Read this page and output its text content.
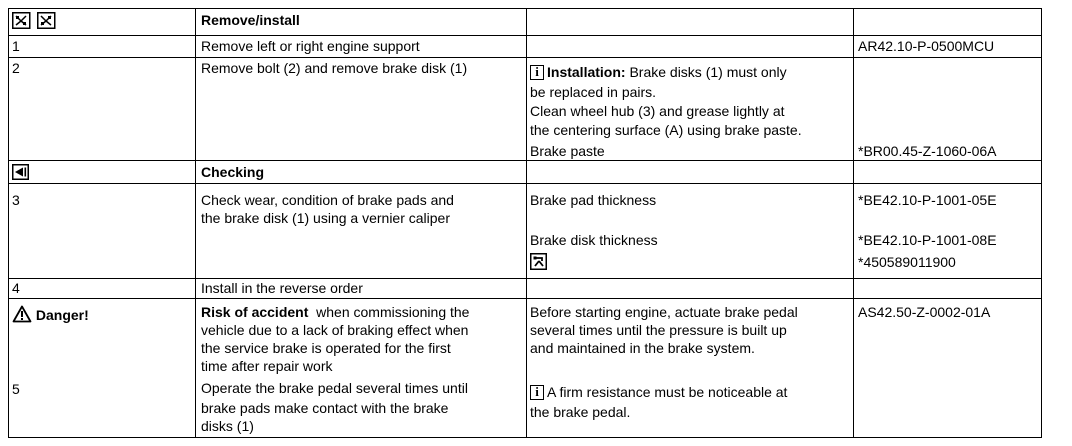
Remove/install
1	Remove left or right engine support	AR42.10-P-0500MCU
2	Remove bolt (2) and remove brake disk (1)
i	Installation: Brake disks (1) must only
be replaced in pairs.
Clean wheel hub (3) and grease lightly at
the centering surface (A) using brake paste.
Brake paste	*BR00.45-Z-1060-06A
Checking
3	Check wear, condition of brake pads and
the brake disk (1) using a vernier caliper
Brake pad thickness
Brake disk thickness
*BE42.10-P-1001-05E
*BE42.10-P-1001-08E
*450589011900
4	Install in the reverse order
Danger!	Risk of accident when commissioning the
vehicle due to a lack of braking effect when
the service brake is operated for the first
time after repair work
Before starting engine, actuate brake pedal
several times until the pressure is built up
and maintained in the brake system.
AS42.50-Z-0002-01A
5	Operate the brake pedal several times until
brake pads make contact with the brake
disks (1)
iA firm resistance must be noticeable at
the brake pedal.
